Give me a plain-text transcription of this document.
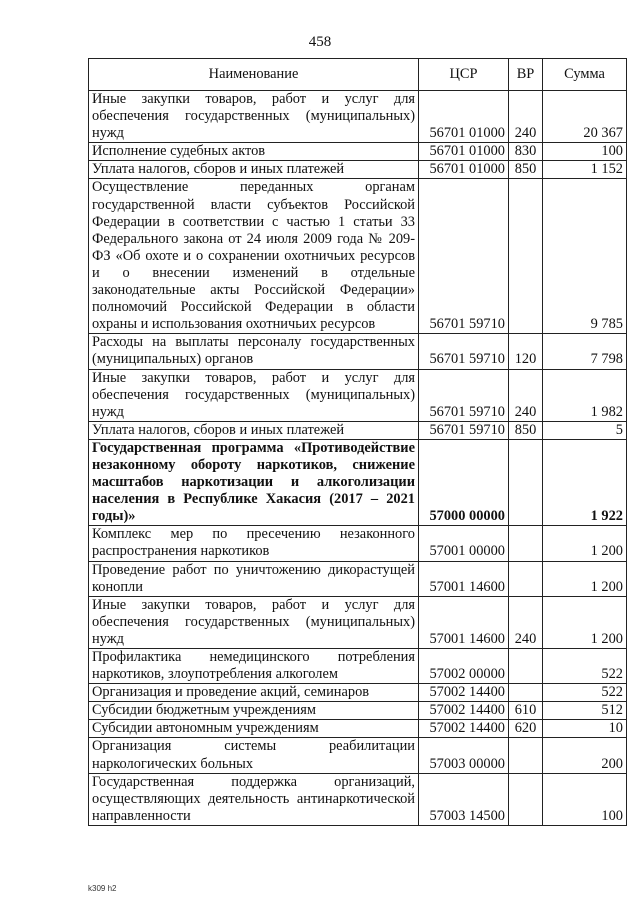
458
Наименование	ЦСР	ВР	Сумма
Иные закупки товаров, работ и услуг для обеспечения государственных (муниципальных) нужд	56701 01000	240	20 367
Исполнение судебных актов	56701 01000	830	100
Уплата налогов, сборов и иных платежей	56701 01000	850	1 152
Осуществление переданных органам государственной власти субъектов Российской Федерации в соответствии с частью 1 статьи 33 Федерального закона от 24 июля 2009 года № 209-ФЗ «Об охоте и о сохранении охотничьих ресурсов и о внесении изменений в отдельные законодательные акты Российской Федерации» полномочий Российской Федерации в области охраны и использования охотничьих ресурсов	56701 59710		9 785
Расходы на выплаты персоналу государственных (муниципальных) органов	56701 59710	120	7 798
Иные закупки товаров, работ и услуг для обеспечения государственных (муниципальных) нужд	56701 59710	240	1 982
Уплата налогов, сборов и иных платежей	56701 59710	850	5
Государственная программа «Противодействие незаконному обороту наркотиков, снижение масштабов наркотизации и алкоголизации населения в Республике Хакасия (2017 – 2021 годы)»	57000 00000		1 922
Комплекс мер по пресечению незаконного распространения наркотиков	57001 00000		1 200
Проведение работ по уничтожению дикорастущей конопли	57001 14600		1 200
Иные закупки товаров, работ и услуг для обеспечения государственных (муниципальных) нужд	57001 14600	240	1 200
Профилактика немедицинского потребления наркотиков, злоупотребления алкоголем	57002 00000		522
Организация и проведение акций, семинаров	57002 14400		522
Субсидии бюджетным учреждениям	57002 14400	610	512
Субсидии автономным учреждениям	57002 14400	620	10
Организация системы реабилитации наркологических больных	57003 00000		200
Государственная поддержка организаций, осуществляющих деятельность антинаркотической направленности	57003 14500		100
k309 h2
